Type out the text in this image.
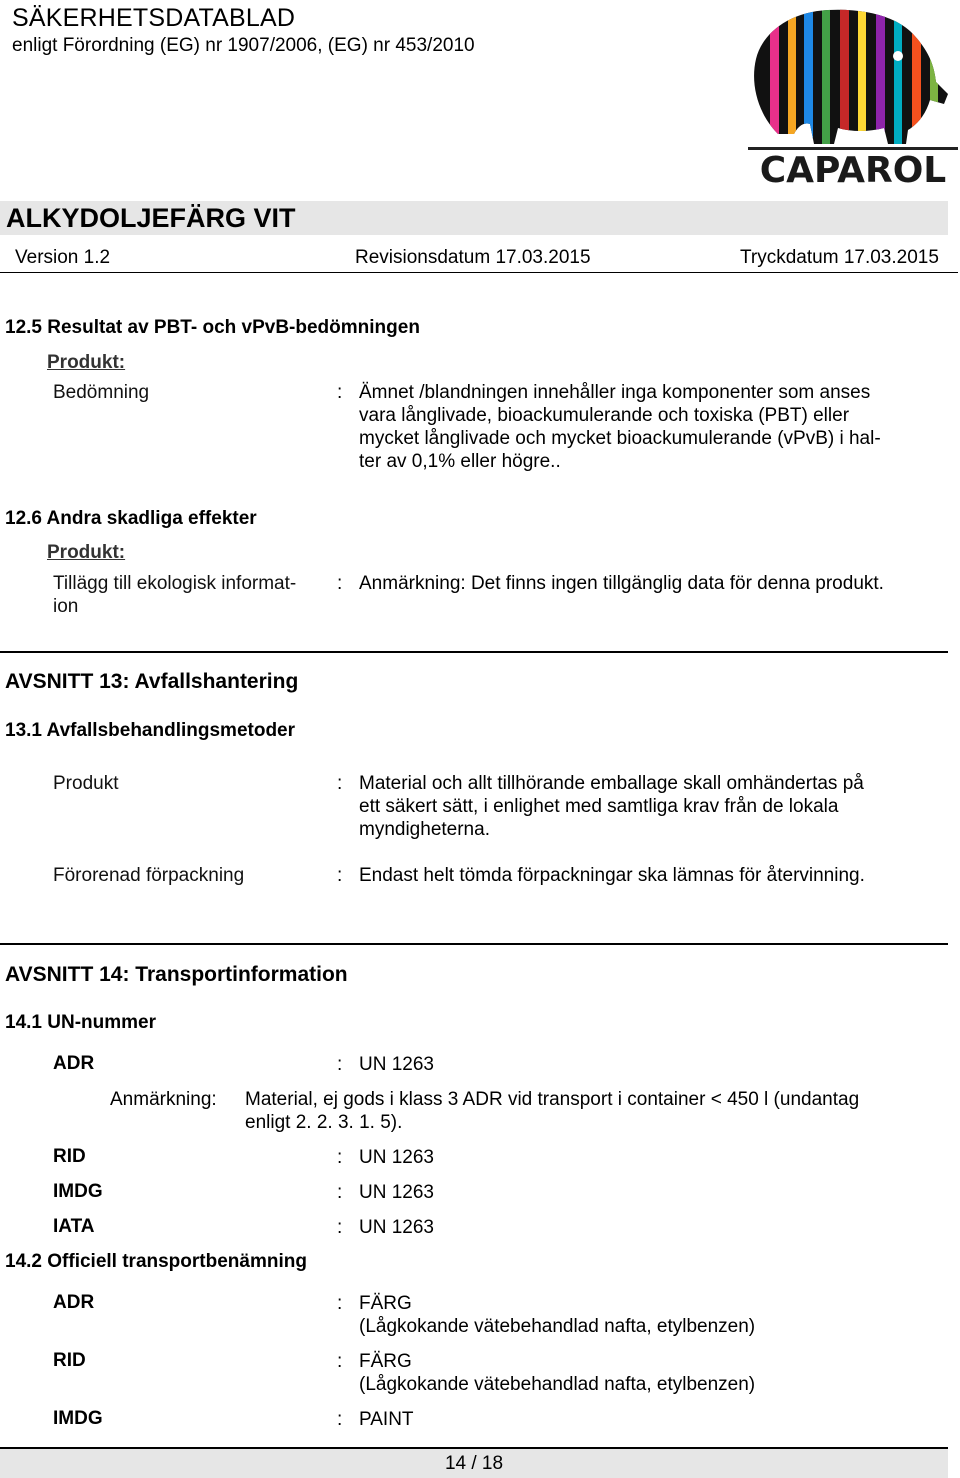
SÄKERHETSDATABLAD
enligt Förordning (EG) nr 1907/2006, (EG) nr 453/2010
CAPAROL
ALKYDOLJEFÄRG VIT
Version 1.2	Revisionsdatum 17.03.2015	Tryckdatum 17.03.2015
12.5 Resultat av PBT- och vPvB-bedömningen
Produkt:
Bedömning	: Ämnet /blandningen innehåller inga komponenter som anses
vara långlivade, bioackumulerande och toxiska (PBT) eller
mycket långlivade och mycket bioackumulerande (vPvB) i hal-
ter av 0,1% eller högre..
12.6 Andra skadliga effekter
Produkt:
Tillägg till ekologisk informat-
ion
: Anmärkning: Det finns ingen tillgänglig data för denna produkt.
AVSNITT 13: Avfallshantering
13.1 Avfallsbehandlingsmetoder
Produkt	: Material och allt tillhörande emballage skall omhändertas på
ett säkert sätt, i enlighet med samtliga krav från de lokala
myndigheterna.
Förorenad förpackning	: Endast helt tömda förpackningar ska lämnas för återvinning.
AVSNITT 14: Transportinformation
14.1 UN-nummer
ADR	: UN 1263
Anmärkning: Material, ej gods i klass 3 ADR vid transport i container < 450 l (undantag
enligt 2. 2. 3. 1. 5).
RID	: UN 1263
IMDG	: UN 1263
IATA	: UN 1263
14.2 Officiell transportbenämning
ADR	: FÄRG
(Lågkokande vätebehandlad nafta, etylbenzen)
RID	: FÄRG
(Lågkokande vätebehandlad nafta, etylbenzen)
IMDG	: PAINT
14 / 18
